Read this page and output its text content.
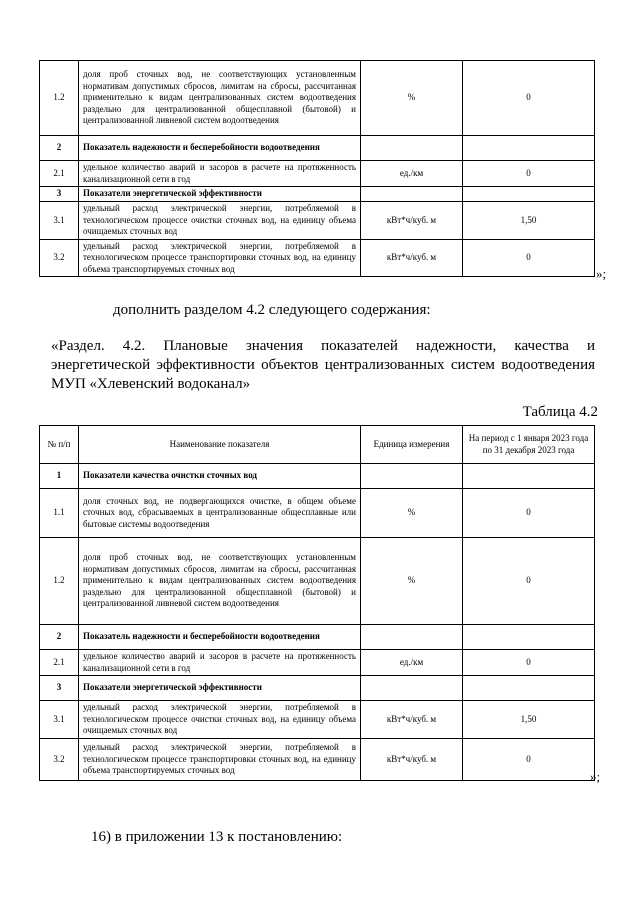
1.2	доля проб сточных вод, не соответствующих установленным нормативам допустимых сбросов, лимитам на сбросы, рассчитанная применительно к видам централизованных систем водоотведения раздельно для централизованной общесплавной (бытовой) и централизованной ливневой систем водоотведения	%	0
2	Показатель надежности и бесперебойности водоотведения		
2.1	удельное количество аварий и засоров в расчете на протяженность канализационной сети в год	ед./км	0
3	Показатели энергетической эффективности		
3.1	удельный расход электрической энергии, потребляемой в технологическом процессе очистки сточных вод, на единицу объема очищаемых сточных вод	кВт*ч/куб. м	1,50
3.2	удельный расход электрической энергии, потребляемой в технологическом процессе транспортировки сточных вод, на единицу объема транспортируемых сточных вод	кВт*ч/куб. м	0
»;

дополнить разделом 4.2 следующего содержания:

«Раздел. 4.2. Плановые значения показателей надежности, качества и энергетической эффективности объектов централизованных систем водоотведения МУП «Хлевенский водоканал»

Таблица 4.2
№ п/п	Наименование показателя	Единица измерения	На период с 1 января 2023 года по 31 декабря 2023 года
1	Показатели качества очистки сточных вод		
1.1	доля сточных вод, не подвергающихся очистке, в общем объеме сточных вод, сбрасываемых в централизованные общесплавные или бытовые системы водоотведения	%	0
1.2	доля проб сточных вод, не соответствующих установленным нормативам допустимых сбросов, лимитам на сбросы, рассчитанная применительно к видам централизованных систем водоотведения раздельно для централизованной общесплавной (бытовой) и централизованной ливневой систем водоотведения	%	0
2	Показатель надежности и бесперебойности водоотведения		
2.1	удельное количество аварий и засоров в расчете на протяженность канализационной сети в год	ед./км	0
3	Показатели энергетической эффективности		
3.1	удельный расход электрической энергии, потребляемой в технологическом процессе очистки сточных вод, на единицу объема очищаемых сточных вод	кВт*ч/куб. м	1,50
3.2	удельный расход электрической энергии, потребляемой в технологическом процессе транспортировки сточных вод, на единицу объема транспортируемых сточных вод	кВт*ч/куб. м	0
»;

16) в приложении 13 к постановлению:
